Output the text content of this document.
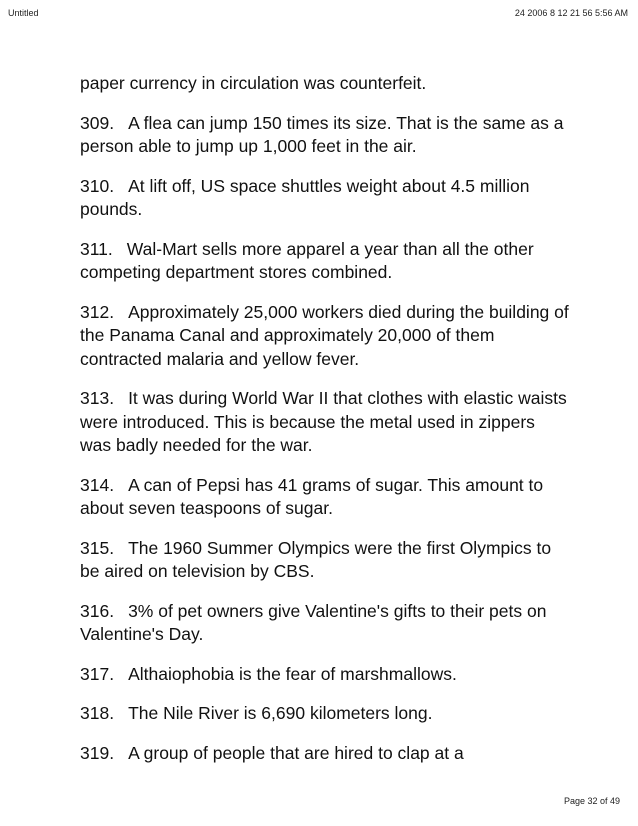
Untitled	24 2006 8 12 21 56 5:56 AM

paper currency in circulation was counterfeit.

309. A flea can jump 150 times its size. That is the same as a person able to jump up 1,000 feet in the air.

310. At lift off, US space shuttles weight about 4.5 million pounds.

311. Wal-Mart sells more apparel a year than all the other competing department stores combined.

312. Approximately 25,000 workers died during the building of the Panama Canal and approximately 20,000 of them contracted malaria and yellow fever.

313. It was during World War II that clothes with elastic waists were introduced. This is because the metal used in zippers was badly needed for the war.

314. A can of Pepsi has 41 grams of sugar. This amount to about seven teaspoons of sugar.

315. The 1960 Summer Olympics were the first Olympics to be aired on television by CBS.

316. 3% of pet owners give Valentine's gifts to their pets on Valentine's Day.

317. Althaiophobia is the fear of marshmallows.

318. The Nile River is 6,690 kilometers long.

319. A group of people that are hired to clap at a

Page 32 of 49
